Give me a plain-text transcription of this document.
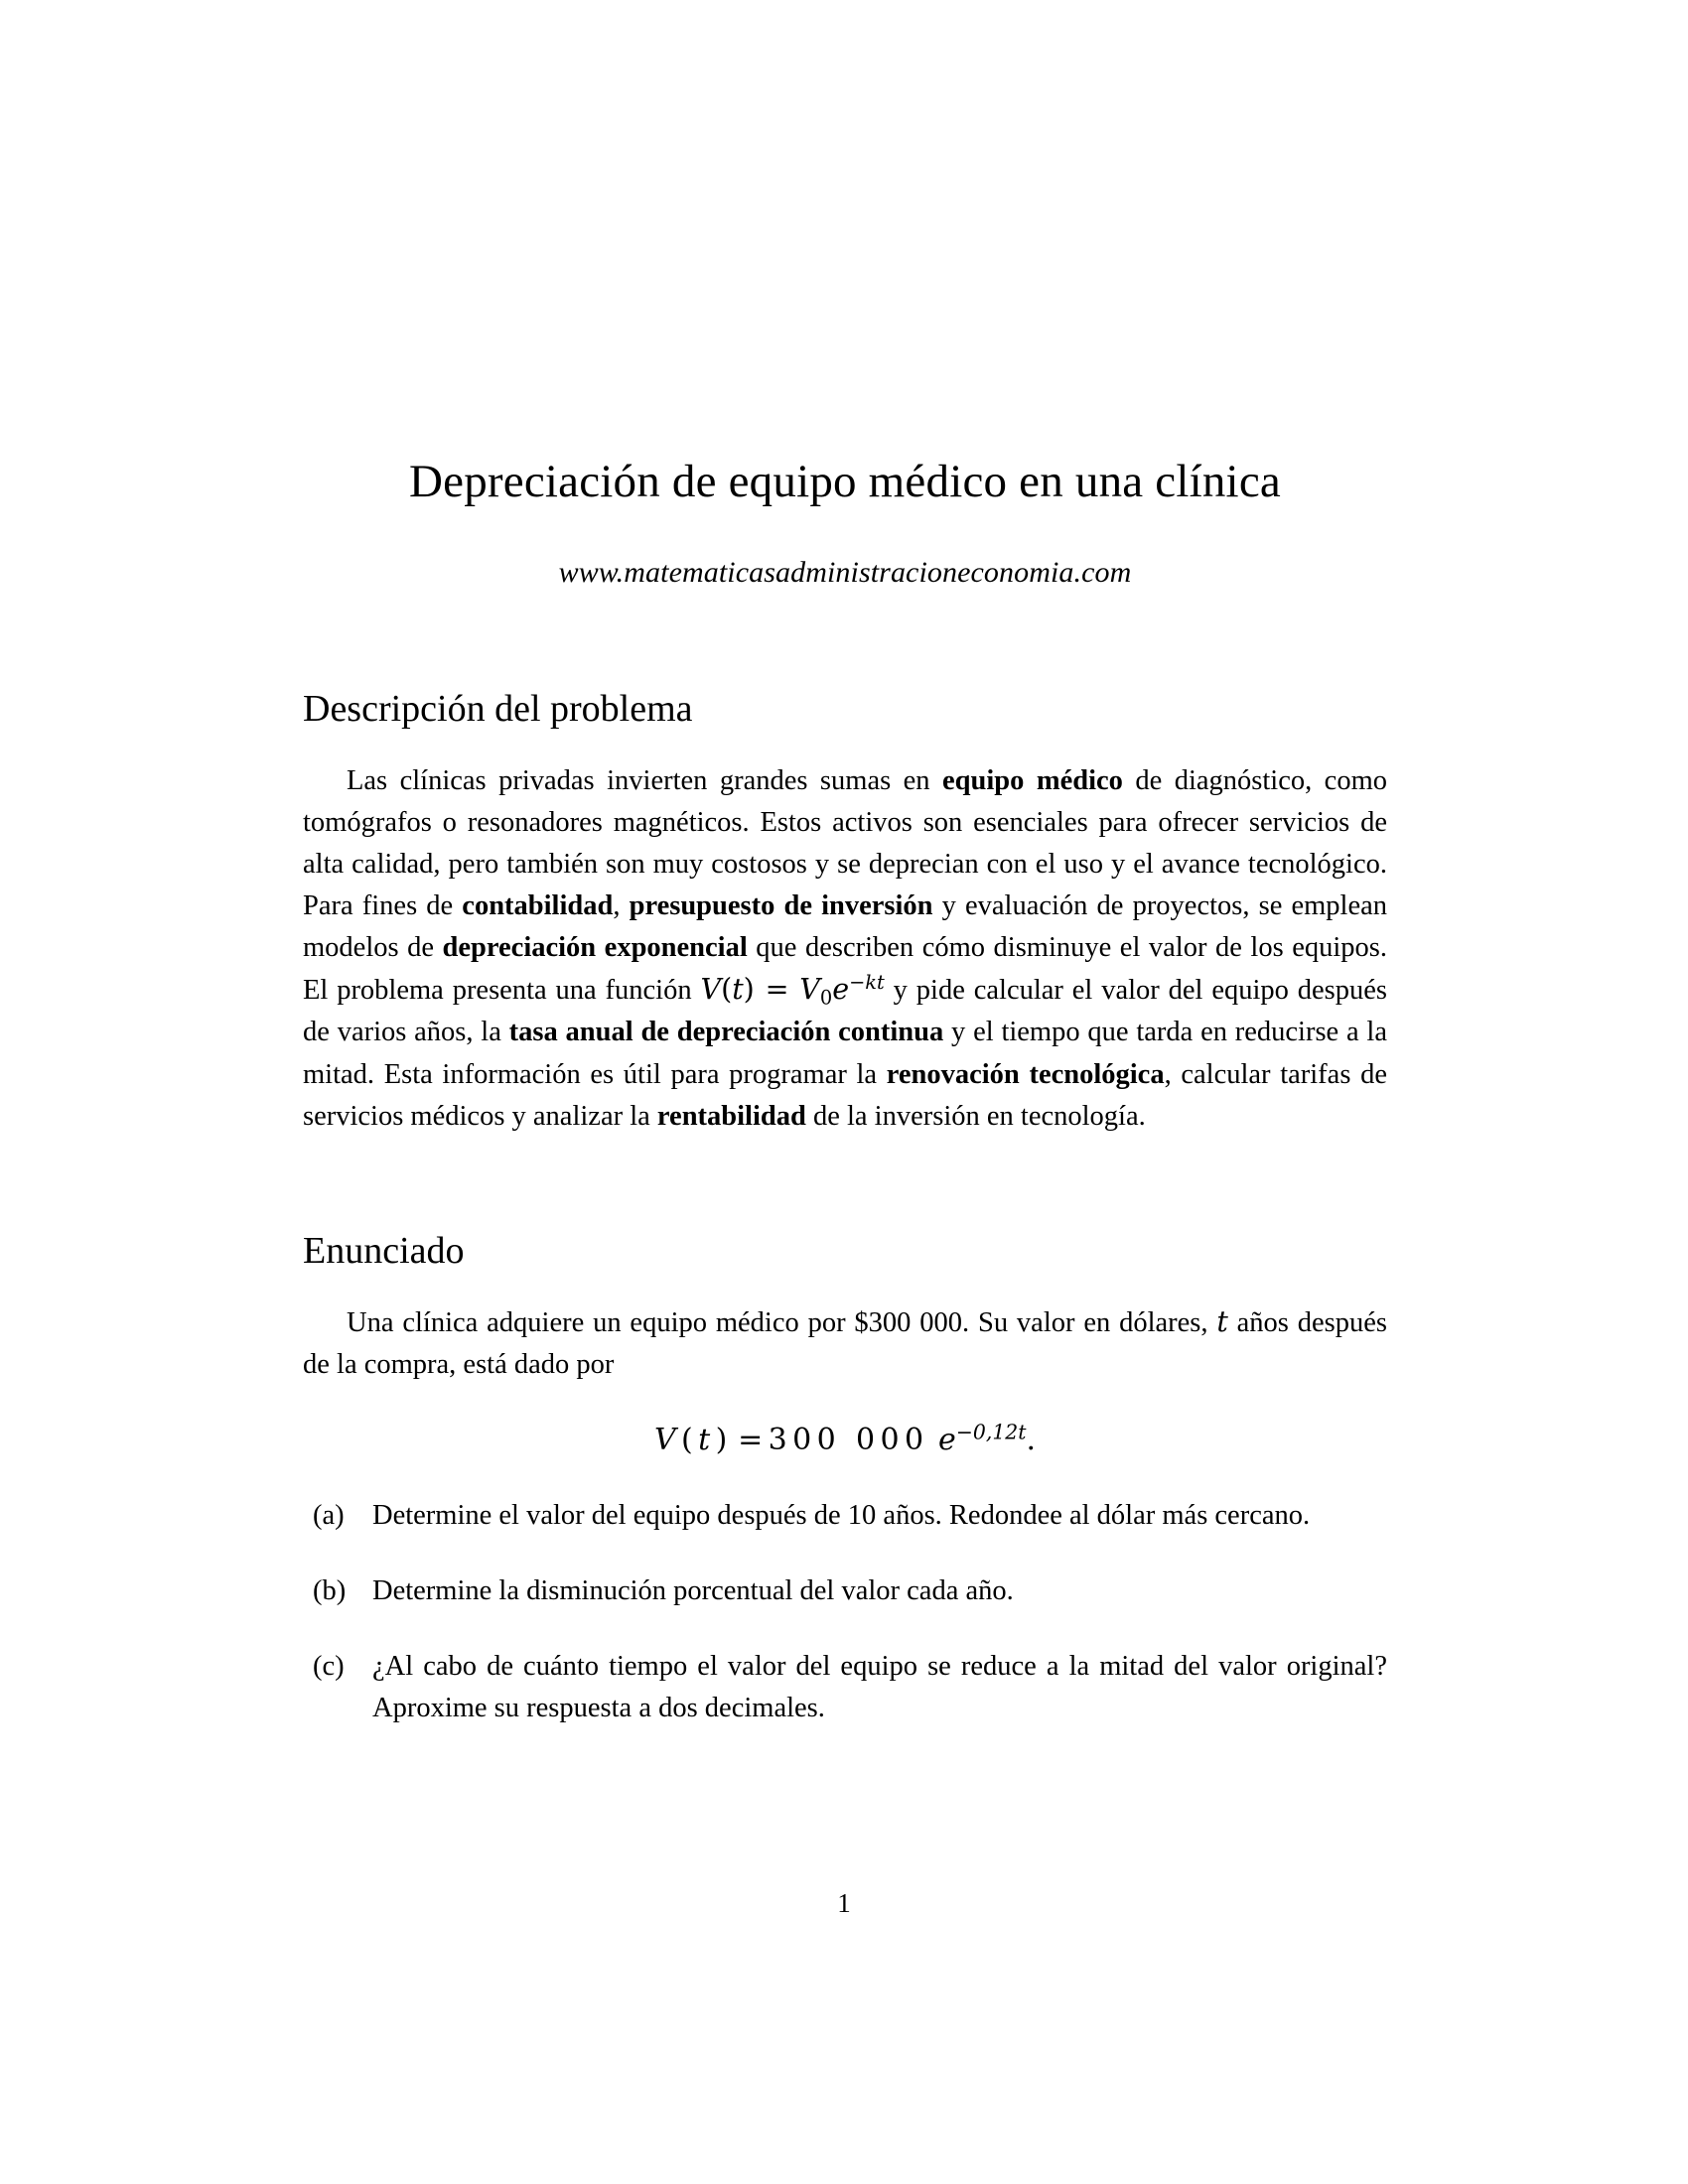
Depreciación de equipo médico en una clínica
www.matematicasadministracioneconomia.com
Descripción del problema

Las clínicas privadas invierten grandes sumas en equipo médico de diagnóstico, como tomógrafos o resonadores magnéticos. Estos activos son esenciales para ofrecer servicios de alta calidad, pero también son muy costosos y se deprecian con el uso y el avance tecnológico. Para fines de contabilidad, presupuesto de inversión y evaluación de proyectos, se emplean modelos de depreciación exponencial que describen cómo disminuye el valor de los equipos. El problema presenta una función $V(t) = V_0e^{-kt}$ y pide calcular el valor del equipo después de varios años, la tasa anual de depreciación continua y el tiempo que tarda en reducirse a la mitad. Esta información es útil para programar la renovación tecnológica, calcular tarifas de servicios médicos y analizar la rentabilidad de la inversión en tecnología.

Enunciado

Una clínica adquiere un equipo médico por $300 000. Su valor en dólares, t años después de la compra, está dado por

V ( t ) = 300 000 $e^{-0,12t}$.
(a) Determine el valor del equipo después de 10 años. Redondee al dólar más cercano.
(b) Determine la disminución porcentual del valor cada año.
(c) ¿Al cabo de cuánto tiempo el valor del equipo se reduce a la mitad del valor original? Aproxime su respuesta a dos decimales.
1
